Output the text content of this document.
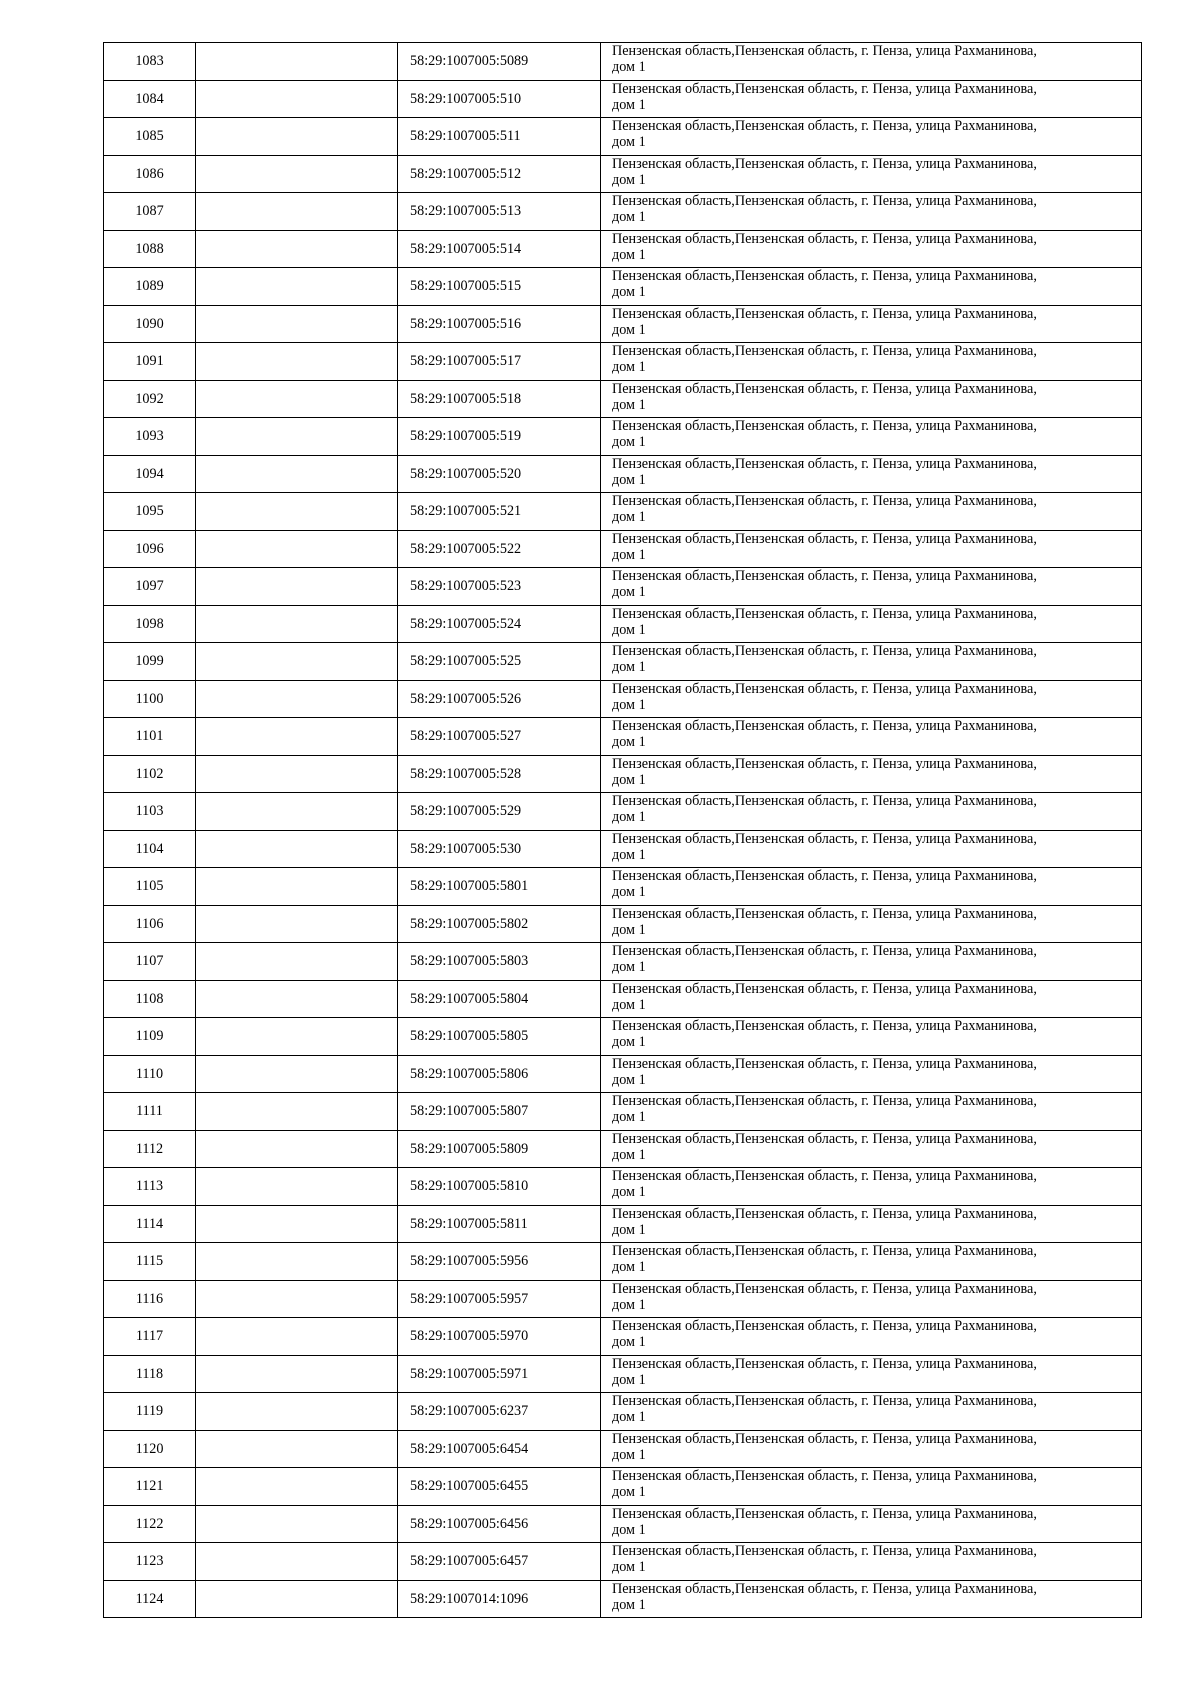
1083		58:29:1007005:5089	Пензенская область,Пензенская область, г. Пенза, улица Рахманинова,
дом 1

1084		58:29:1007005:510	Пензенская область,Пензенская область, г. Пенза, улица Рахманинова,
дом 1

1085		58:29:1007005:511	Пензенская область,Пензенская область, г. Пенза, улица Рахманинова,
дом 1

1086		58:29:1007005:512	Пензенская область,Пензенская область, г. Пенза, улица Рахманинова,
дом 1

1087		58:29:1007005:513	Пензенская область,Пензенская область, г. Пенза, улица Рахманинова,
дом 1

1088		58:29:1007005:514	Пензенская область,Пензенская область, г. Пенза, улица Рахманинова,
дом 1

1089		58:29:1007005:515	Пензенская область,Пензенская область, г. Пенза, улица Рахманинова,
дом 1

1090		58:29:1007005:516	Пензенская область,Пензенская область, г. Пенза, улица Рахманинова,
дом 1

1091		58:29:1007005:517	Пензенская область,Пензенская область, г. Пенза, улица Рахманинова,
дом 1

1092		58:29:1007005:518	Пензенская область,Пензенская область, г. Пенза, улица Рахманинова,
дом 1

1093		58:29:1007005:519	Пензенская область,Пензенская область, г. Пенза, улица Рахманинова,
дом 1

1094		58:29:1007005:520	Пензенская область,Пензенская область, г. Пенза, улица Рахманинова,
дом 1

1095		58:29:1007005:521	Пензенская область,Пензенская область, г. Пенза, улица Рахманинова,
дом 1

1096		58:29:1007005:522	Пензенская область,Пензенская область, г. Пенза, улица Рахманинова,
дом 1

1097		58:29:1007005:523	Пензенская область,Пензенская область, г. Пенза, улица Рахманинова,
дом 1

1098		58:29:1007005:524	Пензенская область,Пензенская область, г. Пенза, улица Рахманинова,
дом 1

1099		58:29:1007005:525	Пензенская область,Пензенская область, г. Пенза, улица Рахманинова,
дом 1

1100		58:29:1007005:526	Пензенская область,Пензенская область, г. Пенза, улица Рахманинова,
дом 1

1101		58:29:1007005:527	Пензенская область,Пензенская область, г. Пенза, улица Рахманинова,
дом 1

1102		58:29:1007005:528	Пензенская область,Пензенская область, г. Пенза, улица Рахманинова,
дом 1

1103		58:29:1007005:529	Пензенская область,Пензенская область, г. Пенза, улица Рахманинова,
дом 1

1104		58:29:1007005:530	Пензенская область,Пензенская область, г. Пенза, улица Рахманинова,
дом 1

1105		58:29:1007005:5801	Пензенская область,Пензенская область, г. Пенза, улица Рахманинова,
дом 1

1106		58:29:1007005:5802	Пензенская область,Пензенская область, г. Пенза, улица Рахманинова,
дом 1

1107		58:29:1007005:5803	Пензенская область,Пензенская область, г. Пенза, улица Рахманинова,
дом 1

1108		58:29:1007005:5804	Пензенская область,Пензенская область, г. Пенза, улица Рахманинова,
дом 1

1109		58:29:1007005:5805	Пензенская область,Пензенская область, г. Пенза, улица Рахманинова,
дом 1

1110		58:29:1007005:5806	Пензенская область,Пензенская область, г. Пенза, улица Рахманинова,
дом 1

1111		58:29:1007005:5807	Пензенская область,Пензенская область, г. Пенза, улица Рахманинова,
дом 1

1112		58:29:1007005:5809	Пензенская область,Пензенская область, г. Пенза, улица Рахманинова,
дом 1

1113		58:29:1007005:5810	Пензенская область,Пензенская область, г. Пенза, улица Рахманинова,
дом 1

1114		58:29:1007005:5811	Пензенская область,Пензенская область, г. Пенза, улица Рахманинова,
дом 1

1115		58:29:1007005:5956	Пензенская область,Пензенская область, г. Пенза, улица Рахманинова,
дом 1

1116		58:29:1007005:5957	Пензенская область,Пензенская область, г. Пенза, улица Рахманинова,
дом 1

1117		58:29:1007005:5970	Пензенская область,Пензенская область, г. Пенза, улица Рахманинова,
дом 1

1118		58:29:1007005:5971	Пензенская область,Пензенская область, г. Пенза, улица Рахманинова,
дом 1

1119		58:29:1007005:6237	Пензенская область,Пензенская область, г. Пенза, улица Рахманинова,
дом 1

1120		58:29:1007005:6454	Пензенская область,Пензенская область, г. Пенза, улица Рахманинова,
дом 1

1121		58:29:1007005:6455	Пензенская область,Пензенская область, г. Пенза, улица Рахманинова,
дом 1

1122		58:29:1007005:6456	Пензенская область,Пензенская область, г. Пенза, улица Рахманинова,
дом 1

1123		58:29:1007005:6457	Пензенская область,Пензенская область, г. Пенза, улица Рахманинова,
дом 1

1124		58:29:1007014:1096	Пензенская область,Пензенская область, г. Пенза, улица Рахманинова,
дом 1
